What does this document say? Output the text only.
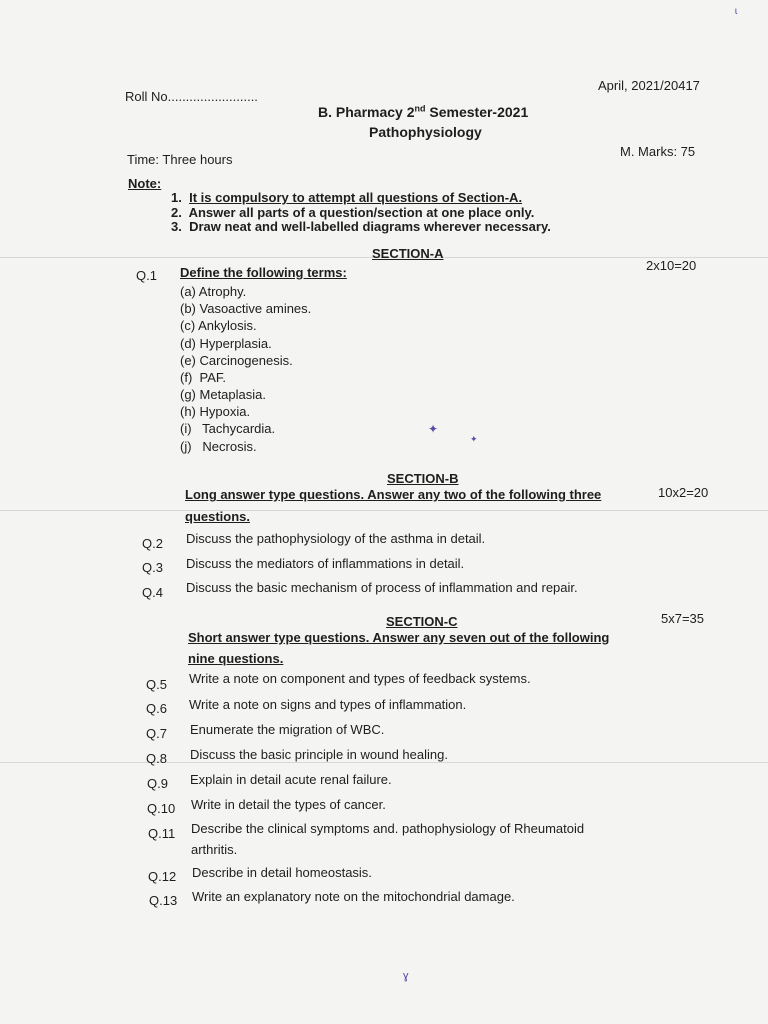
Roll No.........................
April, 2021/20417
B. Pharmacy 2nd Semester-2021
Pathophysiology
Time: Three hours
M. Marks: 75
Note:
1. It is compulsory to attempt all questions of Section-A.
2. Answer all parts of a question/section at one place only.
3. Draw neat and well-labelled diagrams wherever necessary.
SECTION-A
2x10=20
Q.1 Define the following terms:
(a) Atrophy.
(b) Vasoactive amines.
(c) Ankylosis.
(d) Hyperplasia.
(e) Carcinogenesis.
(f) PAF.
(g) Metaplasia.
(h) Hypoxia.
(i) Tachycardia.
(j) Necrosis.
SECTION-B
10x2=20
Long answer type questions. Answer any two of the following three
questions.
Q.2 Discuss the pathophysiology of the asthma in detail.
Q.3 Discuss the mediators of inflammations in detail.
Q.4 Discuss the basic mechanism of process of inflammation and repair.
SECTION-C	5x7=35
Short answer type questions. Answer any seven out of the following
nine questions.
Q.5 Write a note on component and types of feedback systems.
Q.6 Write a note on signs and types of inflammation.
Q.7 Enumerate the migration of WBC.
Q.8 Discuss the basic principle in wound healing.
Q.9 Explain in detail acute renal failure.
Q.10 Write in detail the types of cancer.
Q.11 Describe the clinical symptoms and. pathophysiology of Rheumatoid
arthritis.
Q.12 Describe in detail homeostasis.
Q.13 Write an explanatory note on the mitochondrial damage.
✦
✦
ɩ
ɣ
